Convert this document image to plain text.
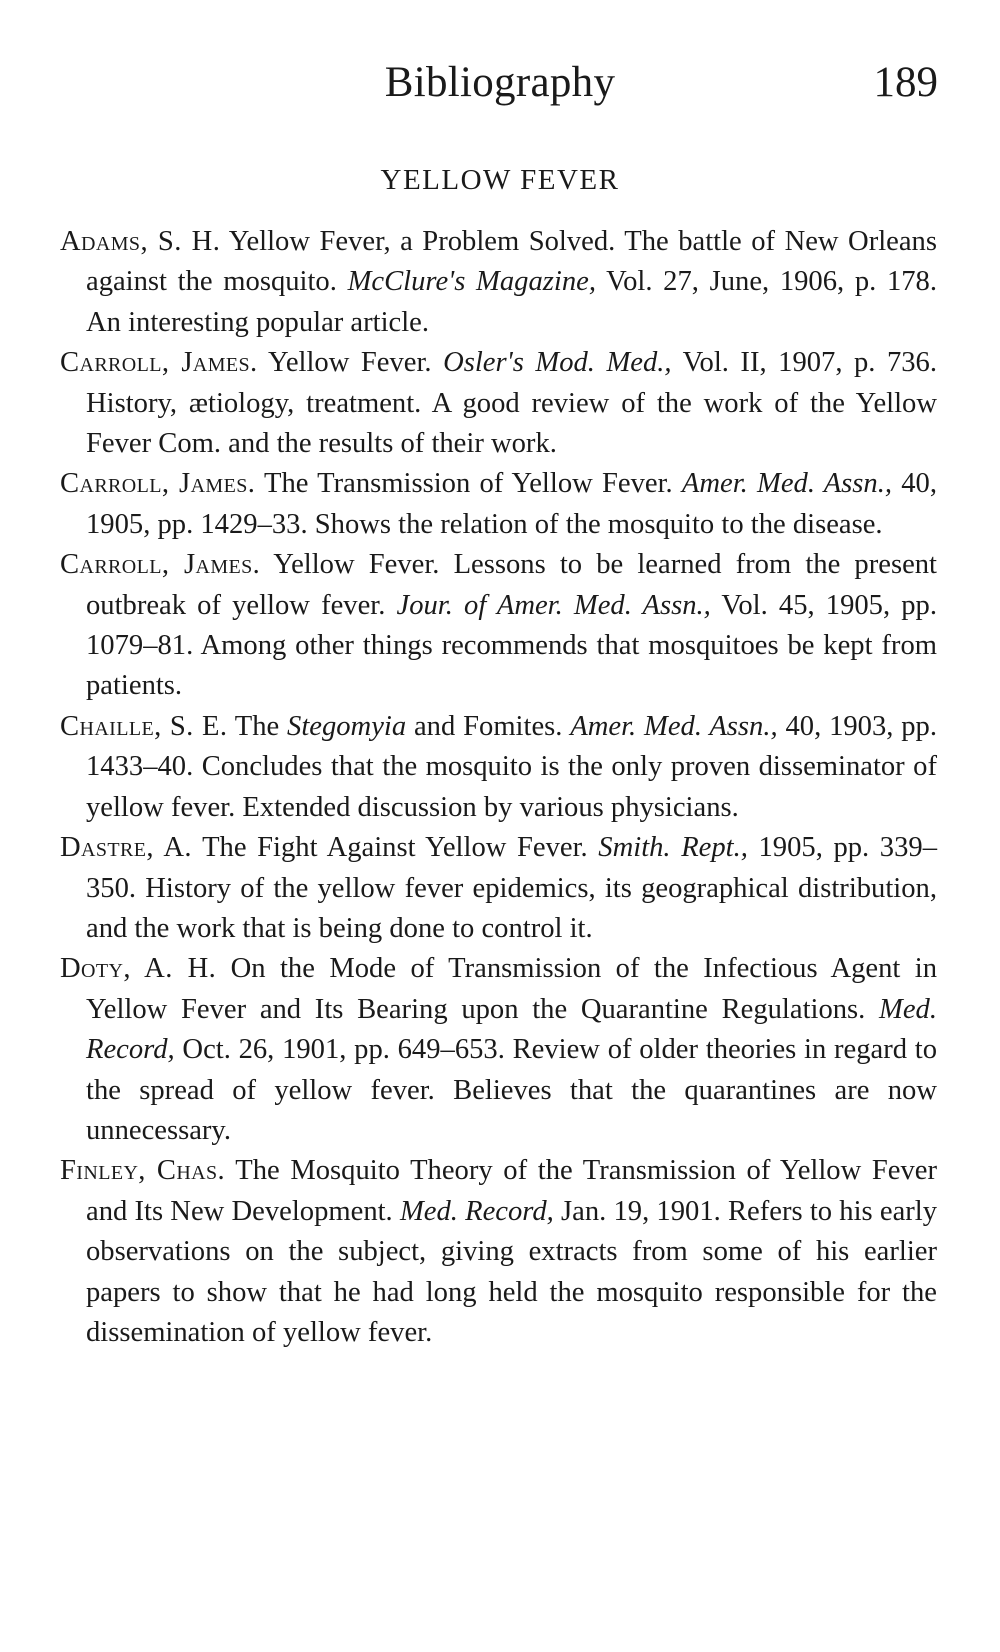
Bibliography	189
YELLOW FEVER

Adams, S. H. Yellow Fever, a Problem Solved. The battle of New Orleans against the mosquito. McClure's Magazine, Vol. 27, June, 1906, p. 178. An interesting popular article.

Carroll, James. Yellow Fever. Osler's Mod. Med., Vol. II, 1907, p. 736. History, ætiology, treatment. A good review of the work of the Yellow Fever Com. and the results of their work.

Carroll, James. The Transmission of Yellow Fever. Amer. Med. Assn., 40, 1905, pp. 1429–33. Shows the relation of the mosquito to the disease.

Carroll, James. Yellow Fever. Lessons to be learned from the present outbreak of yellow fever. Jour. of Amer. Med. Assn., Vol. 45, 1905, pp. 1079–81. Among other things recommends that mosquitoes be kept from patients.

Chaille, S. E. The Stegomyia and Fomites. Amer. Med. Assn., 40, 1903, pp. 1433–40. Concludes that the mosquito is the only proven disseminator of yellow fever. Extended discussion by various physicians.

Dastre, A. The Fight Against Yellow Fever. Smith. Rept., 1905, pp. 339–350. History of the yellow fever epidemics, its geographical distribution, and the work that is being done to control it.

Doty, A. H. On the Mode of Transmission of the Infectious Agent in Yellow Fever and Its Bearing upon the Quarantine Regulations. Med. Record, Oct. 26, 1901, pp. 649–653. Review of older theories in regard to the spread of yellow fever. Believes that the quarantines are now unnecessary.

Finley, Chas. The Mosquito Theory of the Transmission of Yellow Fever and Its New Development. Med. Record, Jan. 19, 1901. Refers to his early observations on the subject, giving extracts from some of his earlier papers to show that he had long held the mosquito responsible for the dissemination of yellow fever.
